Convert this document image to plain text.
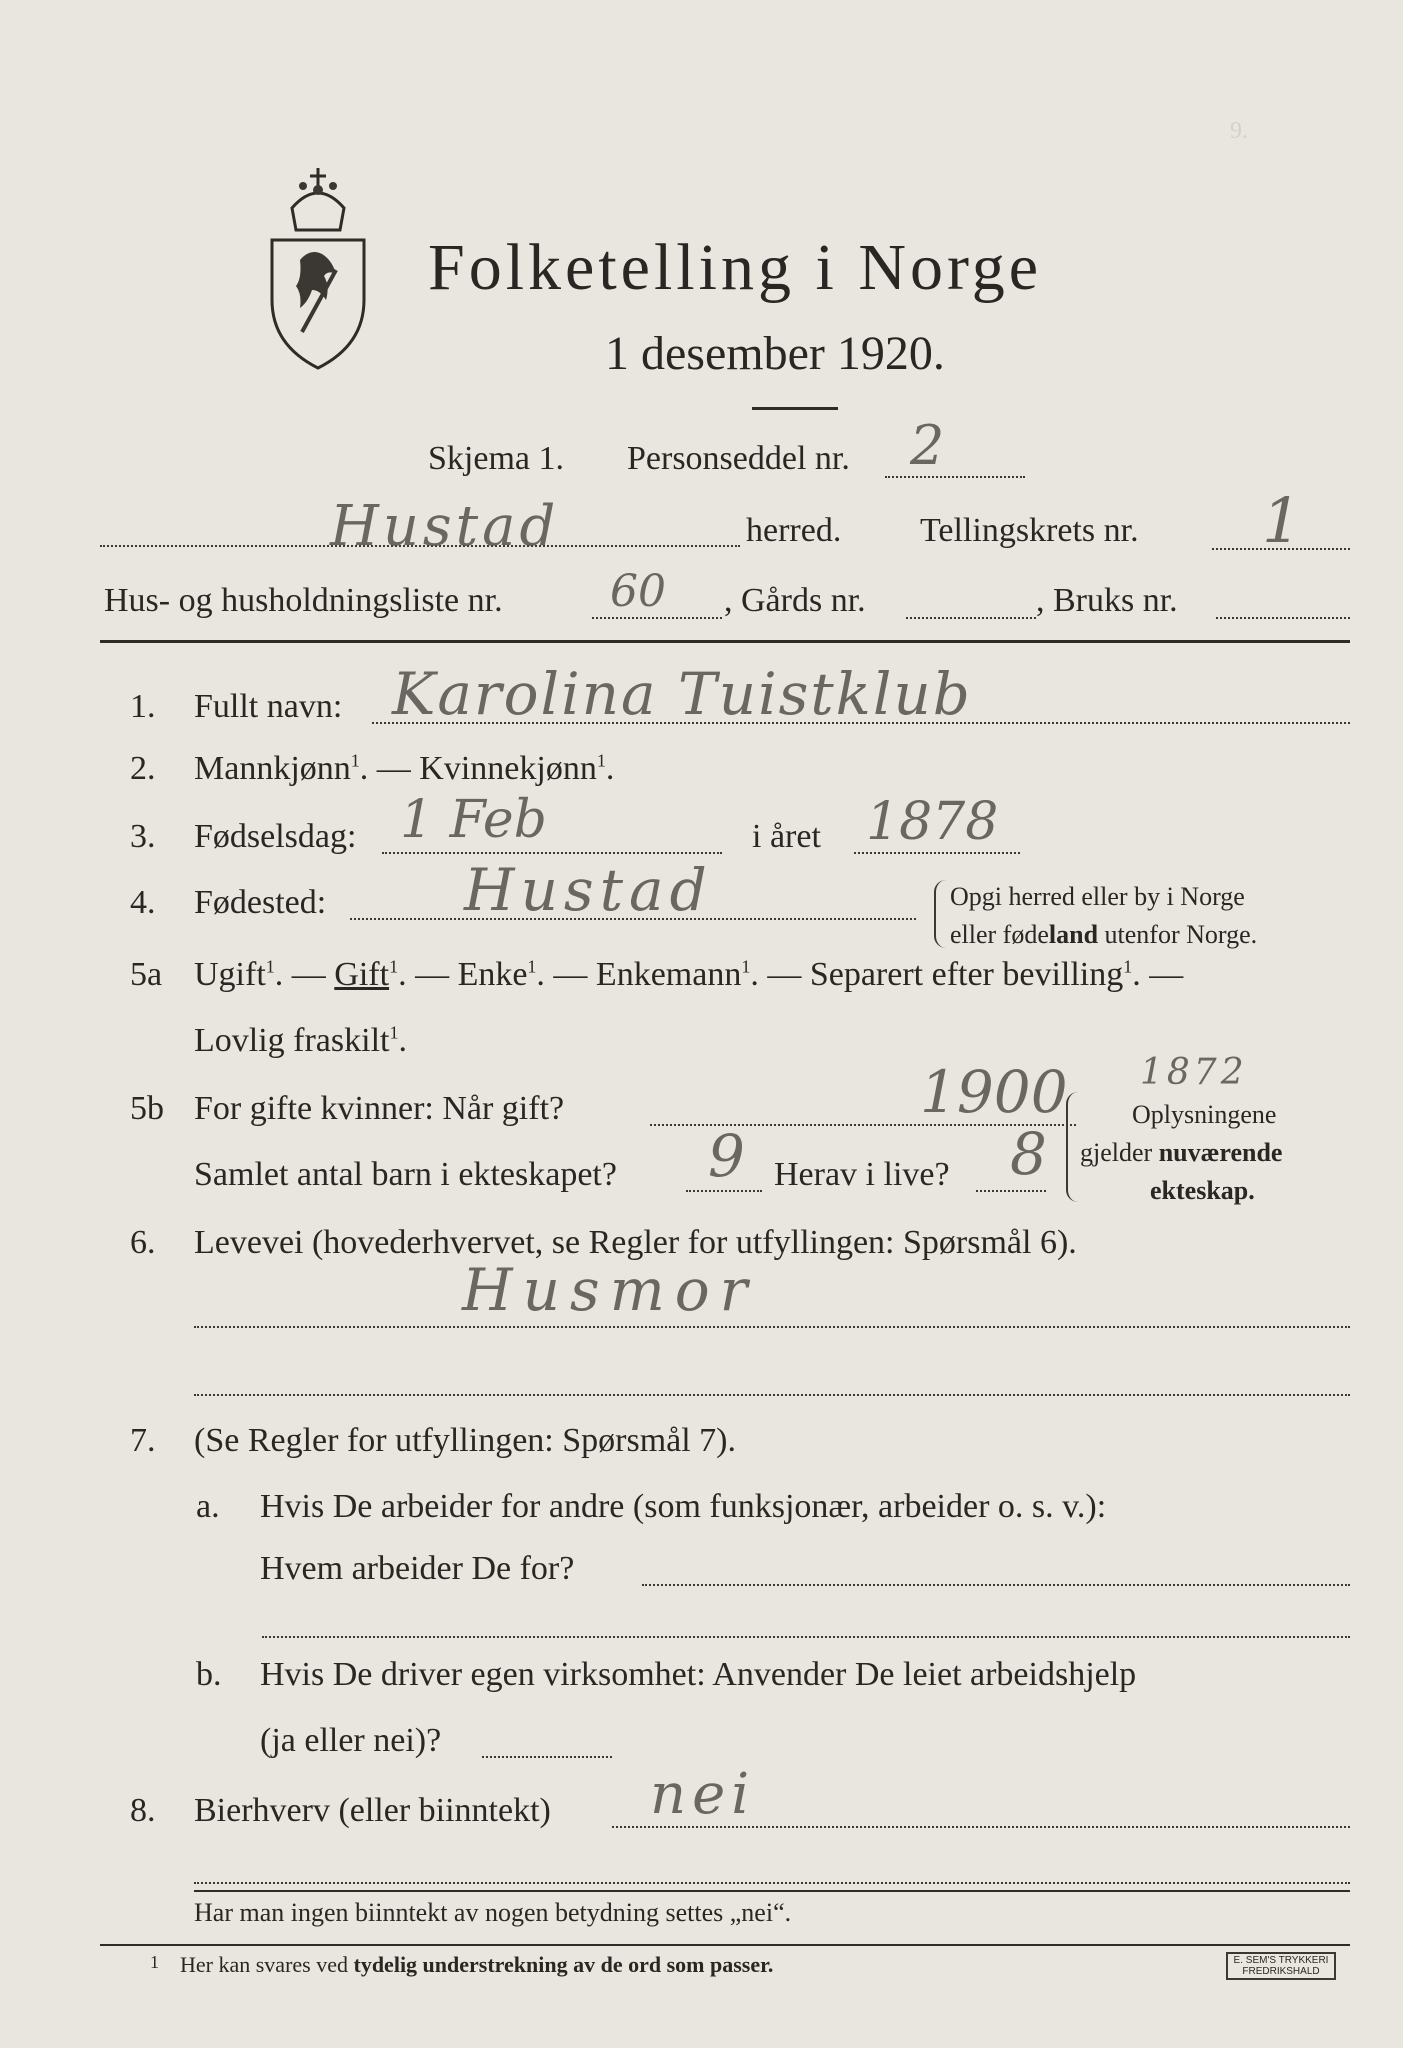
9.
Folketelling i Norge
1 desember 1920.
Skjema 1. Personseddel nr. 2
Hustad	herred. Tellingskrets nr. 1
Hus- og husholdningsliste nr. 60 , Gårds nr.	, Bruks nr.
1. Fullt navn: Karolina Tuistklub
2. Mannkjønn$^1$. — Kvinnekjønn$^1$.
3. Fødselsdag: 1 Feb	i året 1878
4. Fødested: Hustad	Opgi herred eller by i Norge
eller fødeland utenfor Norge.
5a Ugift$^1$. — Gift$^1$. — Enke$^1$. — Enkemann$^1$. — Separert efter bevilling$^1$. —
Lovlig fraskilt$^1$.
5b For gifte kvinner: Når gift?	1900 1872
Samlet antal barn i ekteskapet? 9 Herav i live? 8
Oplysningene
gjelder nuværende
ekteskap.
6. Levevei (hovederhvervet, se Regler for utfyllingen: Spørsmål 6).
Husmor
7. (Se Regler for utfyllingen: Spørsmål 7).
a. Hvis De arbeider for andre (som funksjonær, arbeider o. s. v.):
Hvem arbeider De for?
b. Hvis De driver egen virksomhet: Anvender De leiet arbeidshjelp
(ja eller nei)?
8. Bierhverv (eller biinntekt) nei
Har man ingen biinntekt av nogen betydning settes „nei“.
1 Her kan svares ved tydelig understrekning av de ord som passer.	E. SEM'S TRYKKERI FREDRIKSHALD
